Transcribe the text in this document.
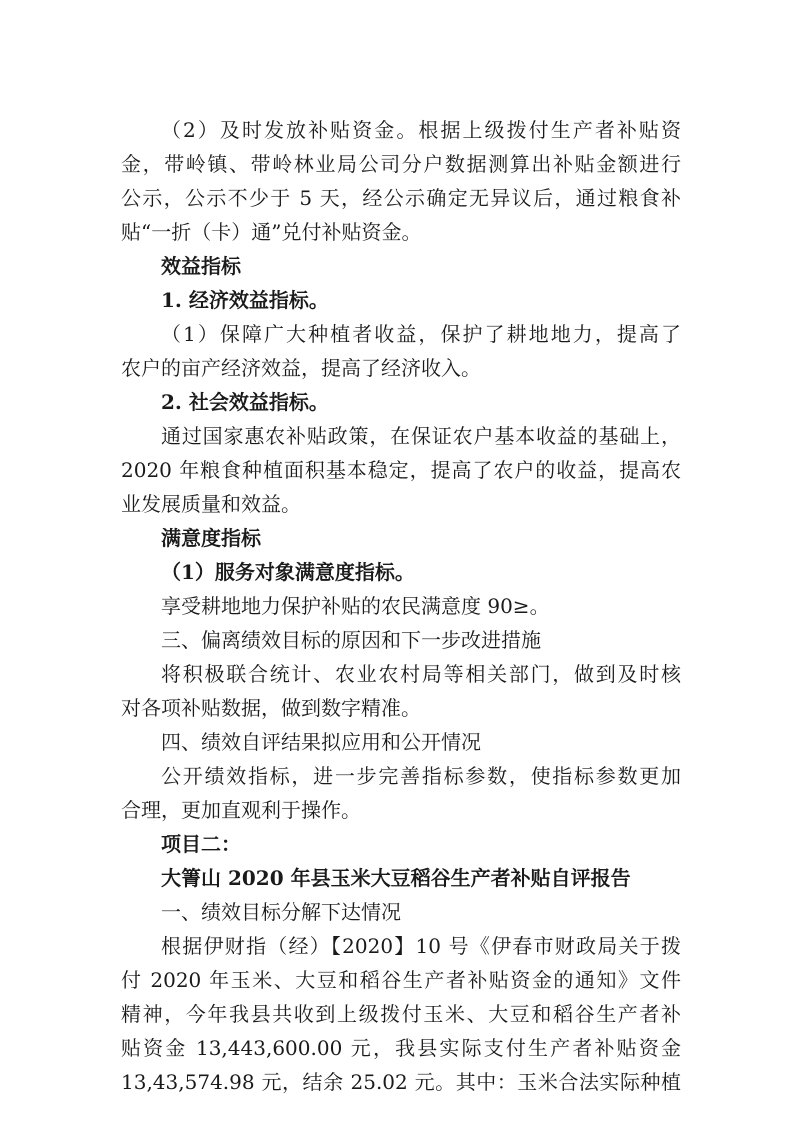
（2）及时发放补贴资金。根据上级拨付生产者补贴资
金，带岭镇、带岭林业局公司分户数据测算出补贴金额进行
公示，公示不少于 5 天，经公示确定无异议后，通过粮食补
贴“一折（卡）通”兑付补贴资金。

效益指标

1. 经济效益指标。

（1）保障广大种植者收益，保护了耕地地力，提高了
农户的亩产经济效益，提高了经济收入。

2. 社会效益指标。

通过国家惠农补贴政策，在保证农户基本收益的基础上，
2020 年粮食种植面积基本稳定，提高了农户的收益，提高农
业发展质量和效益。

满意度指标

（1）服务对象满意度指标。

享受耕地地力保护补贴的农民满意度 90≥。

三、偏离绩效目标的原因和下一步改进措施

将积极联合统计、农业农村局等相关部门，做到及时核
对各项补贴数据，做到数字精准。

四、绩效自评结果拟应用和公开情况

公开绩效指标，进一步完善指标参数，使指标参数更加
合理，更加直观利于操作。

项目二：

大箐山 2020 年县玉米大豆稻谷生产者补贴自评报告

一、绩效目标分解下达情况

根据伊财指（经）【2020】10 号《伊春市财政局关于拨
付 2020 年玉米、大豆和稻谷生产者补贴资金的通知》文件
精神，今年我县共收到上级拨付玉米、大豆和稻谷生产者补
贴资金 13,443,600.00 元，我县实际支付生产者补贴资金
13,43,574.98 元，结余 25.02 元。其中：玉米合法实际种植
